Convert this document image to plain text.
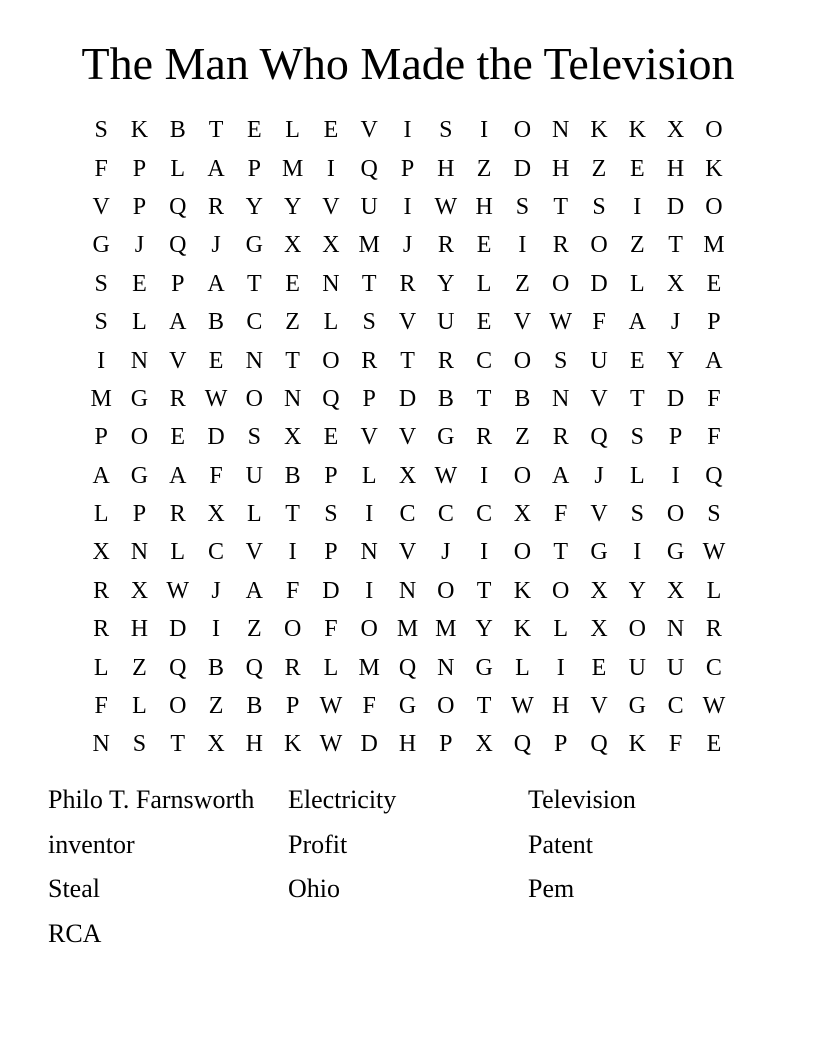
The Man Who Made the Television
S K B T E L E V	I	S	I	O N K K X O
F	P	L A P M I	Q P H Z D H Z E H K
V P Q R Y Y V U	I W H S	T	S	I	D O
G	J	Q	J	G X X M J	R E	I	R O Z T M
S	E	P A T E N T R Y L Z O D L X E
S	L A B C Z L	S V U E V W F A	J	P
I	N V E N T O R T R C O S U E Y A
M G R W O N Q P D B T B N V T D F
P O E D S X E V V G R Z R Q S	P	F
A G A F U B P	L X W I	O A	J	L	I	Q
L	P R X L T	S	I	C C C X F V S O S
X N L C V	I	P N V	J	I	O T G	I	G W
R X W J	A F D	I	N O T K O X Y X L
R H D	I	Z O F O M M Y K L X O N R
L Z Q B Q R L M Q N G L	I	E U U C
F	L O Z B P W F G O T W H V G C W
N S	T X H K W D H P X Q P Q K F	E
Philo T. Farnsworth	Electricity	Television
inventor	Profit	Patent
Steal	Ohio	Pem
RCA
